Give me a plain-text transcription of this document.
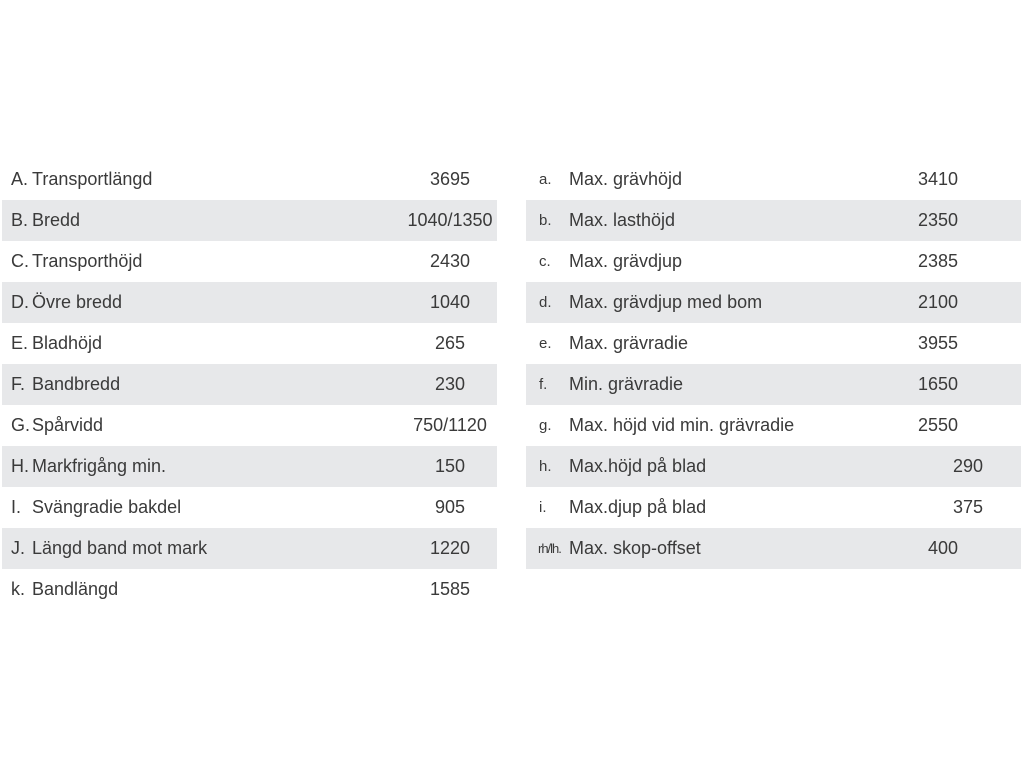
A. Transportlängd	3695
B. Bredd	1040/1350
C. Transporthöjd	2430
D. Övre bredd	1040
E. Bladhöjd	265
F. Bandbredd	230
G. Spårvidd	750/1120
H. Markfrigång min.	150
I. Svängradie bakdel	905
J. Längd band mot mark	1220
k. Bandlängd	1585
a. Max. grävhöjd	3410
b. Max. lasthöjd	2350
c. Max. grävdjup	2385
d. Max. grävdjup med bom	2100
e. Max. grävradie	3955
f. Min. grävradie	1650
g. Max. höjd vid min. grävradie	2550
h. Max.höjd på blad	290
i. Max.djup på blad	375
rh/lh. Max. skop-offset	400
